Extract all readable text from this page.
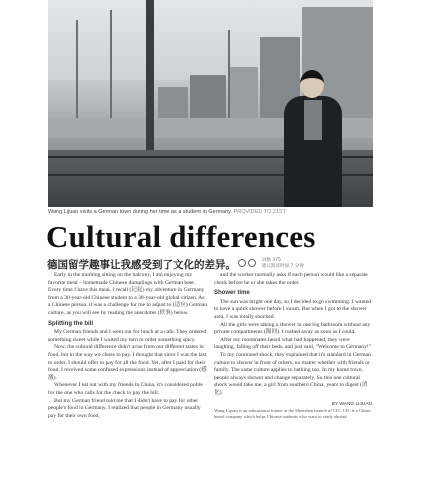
Wang Lijuan visits a German town during her time as a student in Germany. PROVIDED TO 21ST
Cultural differences
德国留学趣事让我感受到了文化的差异。	词数 375
建议阅读时间 7 分钟

Early in the morning sitting on the balcony, I am enjoying my favorite meal – homemade Chinese dumplings with German beer. Every time I have this meal, I recall (记起) my adventure in Germany from a 30-year-old Chinese student to a 38-year-old global citizen. As a Chinese person, it was a challenge for me to adjust to (适应) German culture, as you will see by reading the anecdotes (轶事) below.

Splitting the bill

My German friends and I went out for lunch at a cafe. They ordered something sweet while I waited my turn to order something spicy.

Now, the cultural difference didn't arise from our different tastes in food, but in the way we chose to pay. I thought that since I was the last to order, I should offer to pay for all the food. Yet, after I paid for their food, I received some confused expressions instead of appreciation (感激).

Whenever I eat out with my friends in China, it's considered polite for the one who calls for the check to pay the bill.

But my German friend told me that I didn't have to pay for other people's food in Germany. I realized that people in Germany usually pay for their own food,

and the worker normally asks if each person would like a separate check before he or she takes the order.

Shower time

The sun was bright one day, so I decided to go swimming. I wanted to have a quick shower before I swam. But when I got to the shower area, I was totally shocked.

All the girls were taking a shower in one big bathroom without any private compartments (隔间). I rushed away as soon as I could.

After my roommates heard what had happened, they were laughing, falling off their beds, and just said, "Welcome to Germany!"

To my continued shock, they explained that it's standard in German culture to shower in front of others, no matter whether with friends or family. The same culture applies to bathing too. In my home town, people always shower and change separately. So this one cultural shock would take me, a girl from southern China, years to digest (消化).

BY WANG LIJUAN

Wang Lijuan is an educational trainer at the Shenzhen branch of CIC. CIC is a China-based company which helps Chinese students who want to study abroad.
